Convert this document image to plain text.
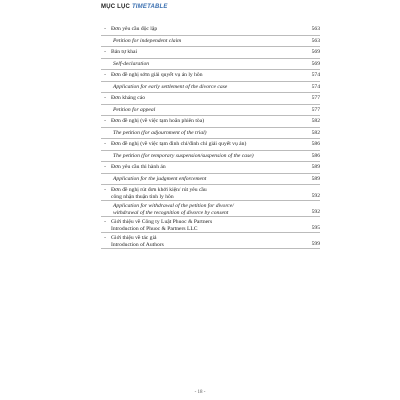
MỤC LỤC TIMETABLE
- Đơn yêu cầu độc lập	563
Petition for independent claim	563
- Bản tự khai	569
Self-declaration	569
- Đơn đề nghị sớm giải quyết vụ án ly hôn	574
Application for early settlement of the divorce case	574
- Đơn kháng cáo	577
Petition for appeal	577
- Đơn đề nghị (về việc tạm hoãn phiên tòa)	582
The petition (for adjournment of the trial)	582
- Đơn đề nghị (về việc tạm đình chỉ/đình chỉ giải quyết vụ án)	586
The petition (for temporary suspension/suspension of the case)	586
- Đơn yêu cầu thi hành án	589
Application for the judgment enforcement	589
- Đơn đề nghị rút đơn khởi kiện/ rút yêu cầu
công nhận thuận tình ly hôn	592
Application for withdrawal of the petition for divorce/
withdrawal of the recognition of divorce by consent	592
- Giới thiệu về Công ty Luật Phuoc & Partners
Introduction of Phuoc & Partners LLC	595
- Giới thiệu về tác giả
Introduction of Authors	599
- 18 -
